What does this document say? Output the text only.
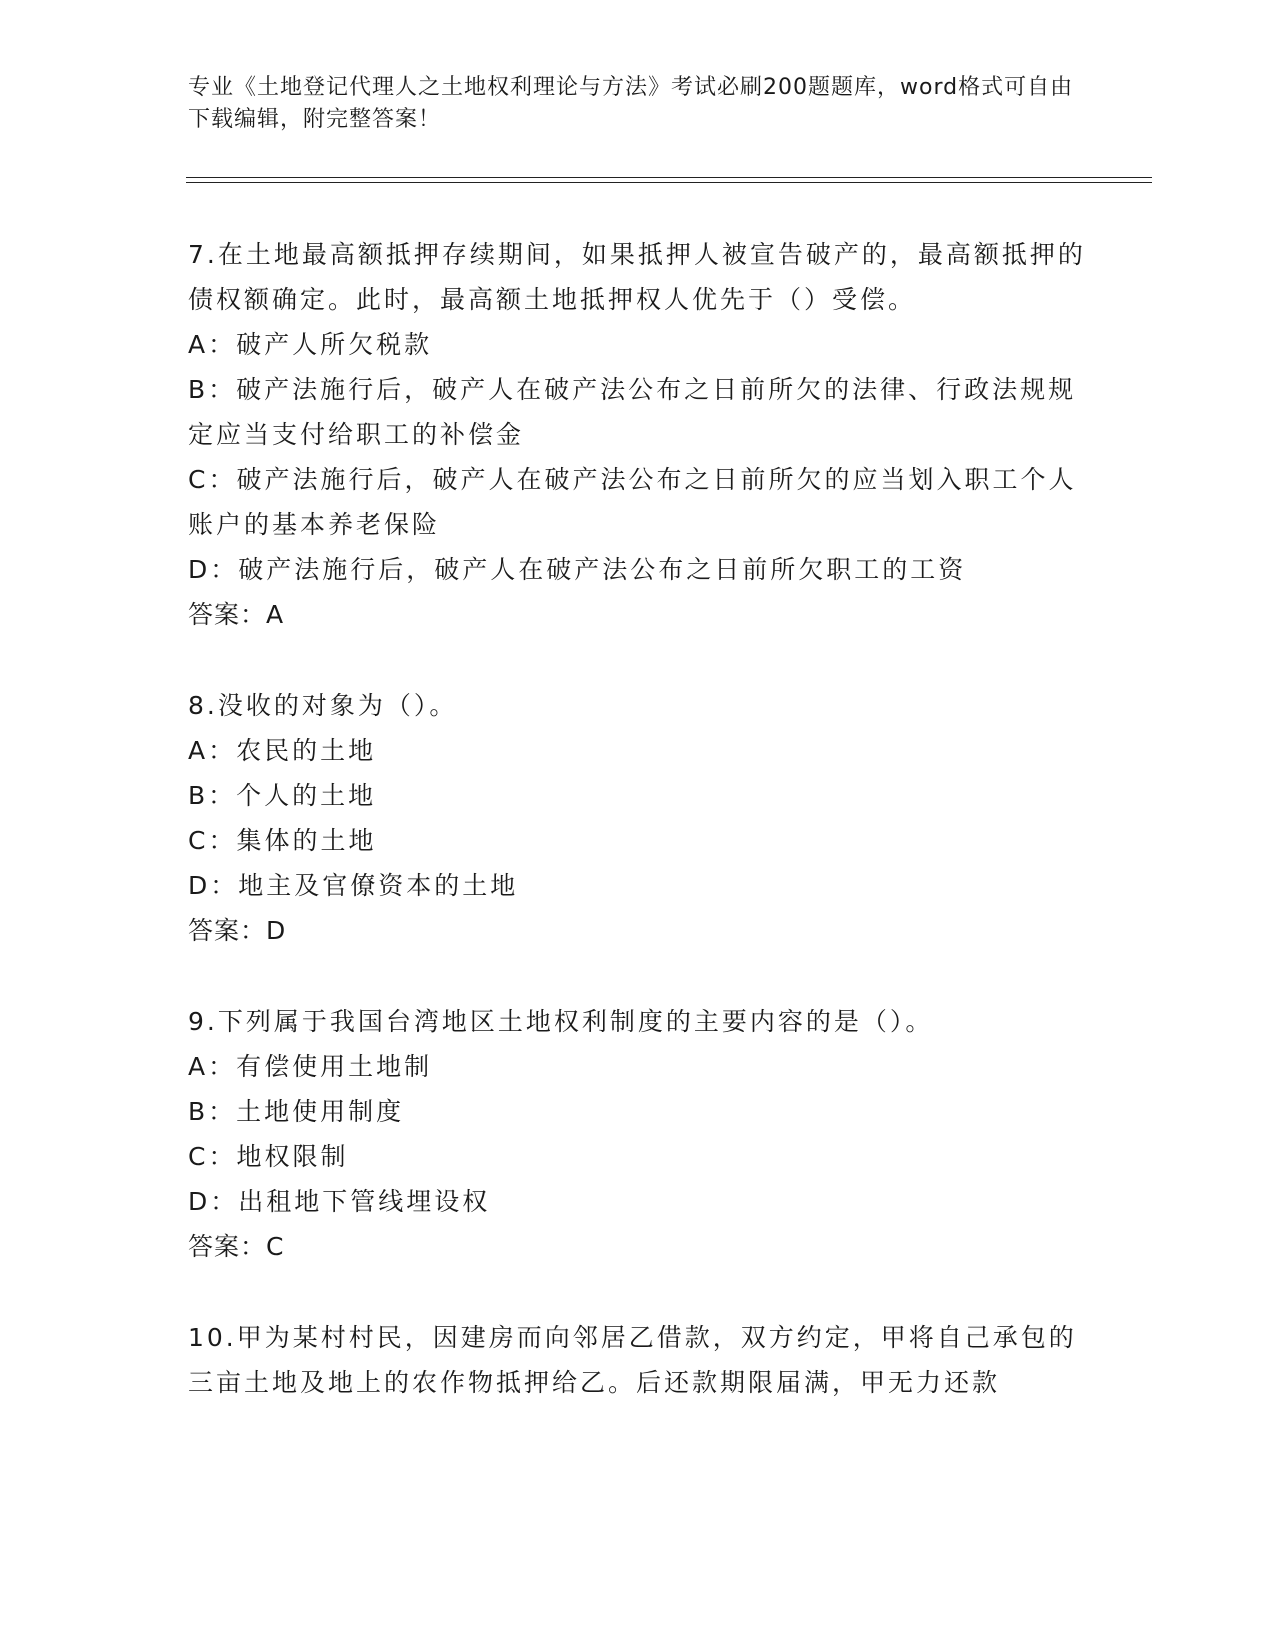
专业《土地登记代理人之土地权利理论与方法》考试必刷200题题库，word格式可自由下载编辑，附完整答案！

7.在土地最高额抵押存续期间，如果抵押人被宣告破产的，最高额抵押的债权额确定。此时，最高额土地抵押权人优先于（）受偿。

A：破产人所欠税款

B：破产法施行后，破产人在破产法公布之日前所欠的法律、行政法规规定应当支付给职工的补偿金

C：破产法施行后，破产人在破产法公布之日前所欠的应当划入职工个人账户的基本养老保险

D：破产法施行后，破产人在破产法公布之日前所欠职工的工资

答案：A

8.没收的对象为（）。

A：农民的土地

B：个人的土地

C：集体的土地

D：地主及官僚资本的土地

答案：D

9.下列属于我国台湾地区土地权利制度的主要内容的是（）。

A：有偿使用土地制

B：土地使用制度

C：地权限制

D：出租地下管线埋设权

答案：C

10.甲为某村村民，因建房而向邻居乙借款，双方约定，甲将自己承包的三亩土地及地上的农作物抵押给乙。后还款期限届满，甲无力还款
